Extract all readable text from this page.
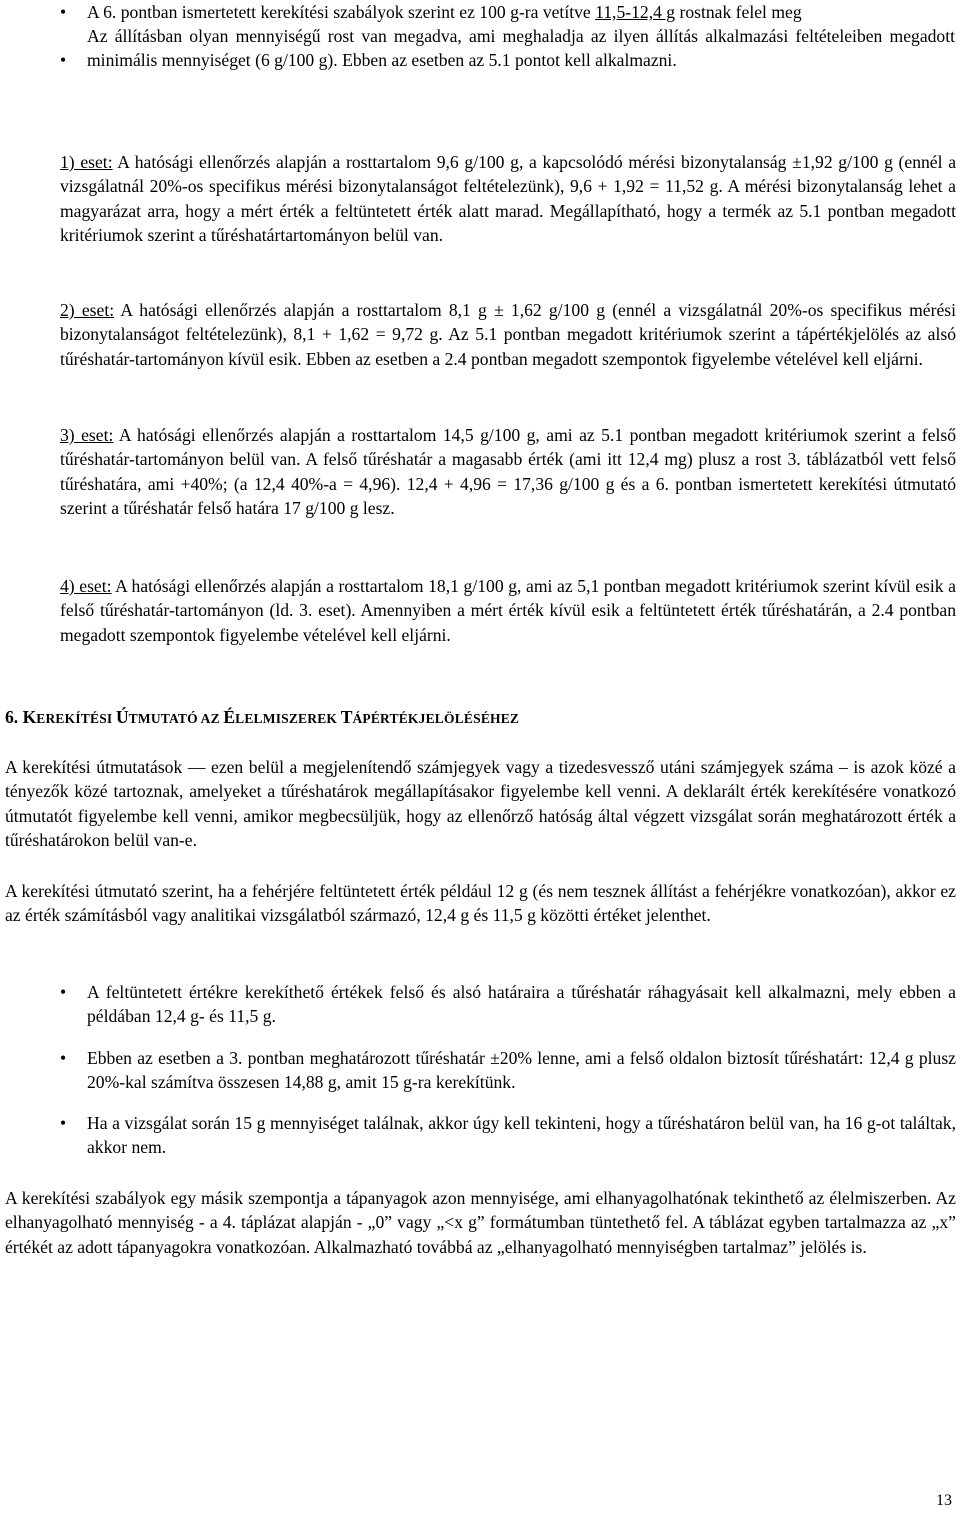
• A 6. pontban ismertetett kerekítési szabályok szerint ez 100 g-ra vetítve 11,5-12,4 g rostnak felel meg
•
Az állításban olyan mennyiségű rost van megadva, ami meghaladja az ilyen állítás alkalmazási feltételeiben megadott minimális mennyiséget (6 g/100 g). Ebben az esetben az 5.1 pontot kell alkalmazni.
1) eset: A hatósági ellenőrzés alapján a rosttartalom 9,6 g/100 g, a kapcsolódó mérési bizonytalanság ±1,92 g/100 g (ennél a vizsgálatnál 20%-os specifikus mérési bizonytalanságot feltételezünk), 9,6 + 1,92 = 11,52 g. A mérési bizonytalanság lehet a magyarázat arra, hogy a mért érték a feltüntetett érték alatt marad. Megállapítható, hogy a termék az 5.1 pontban megadott kritériumok szerint a tűréshatártartományon belül van.
2) eset: A hatósági ellenőrzés alapján a rosttartalom 8,1 g ± 1,62 g/100 g (ennél a vizsgálatnál 20%-os specifikus mérési bizonytalanságot feltételezünk), 8,1 + 1,62 = 9,72 g. Az 5.1 pontban megadott kritériumok szerint a tápértékjelölés az alsó tűréshatár-tartományon kívül esik. Ebben az esetben a 2.4 pontban megadott szempontok figyelembe vételével kell eljárni.
3) eset: A hatósági ellenőrzés alapján a rosttartalom 14,5 g/100 g, ami az 5.1 pontban megadott kritériumok szerint a felső tűréshatár-tartományon belül van. A felső tűréshatár a magasabb érték (ami itt 12,4 mg) plusz a rost 3. táblázatból vett felső tűréshatára, ami +40%; (a 12,4 40%-a = 4,96). 12,4 + 4,96 = 17,36 g/100 g és a 6. pontban ismertetett kerekítési útmutató szerint a tűréshatár felső határa 17 g/100 g lesz.
4) eset: A hatósági ellenőrzés alapján a rosttartalom 18,1 g/100 g, ami az 5,1 pontban megadott kritériumok szerint kívül esik a felső tűréshatár-tartományon (ld. 3. eset). Amennyiben a mért érték kívül esik a feltüntetett érték tűréshatárán, a 2.4 pontban megadott szempontok figyelembe vételével kell eljárni.
6. KEREKÍTÉSI ÚTMUTATÓ AZ ÉLELMISZEREK TÁPÉRTÉKJELÖLÉSÉHEZ
A kerekítési útmutatások — ezen belül a megjelenítendő számjegyek vagy a tizedesvessző utáni számjegyek száma – is azok közé a tényezők közé tartoznak, amelyeket a tűréshatárok megállapításakor figyelembe kell venni. A deklarált érték kerekítésére vonatkozó útmutatót figyelembe kell venni, amikor megbecsüljük, hogy az ellenőrző hatóság által végzett vizsgálat során meghatározott érték a tűréshatárokon belül van-e.
A kerekítési útmutató szerint, ha a fehérjére feltüntetett érték például 12 g (és nem tesznek állítást a fehérjékre vonatkozóan), akkor ez az érték számításból vagy analitikai vizsgálatból származó, 12,4 g és 11,5 g közötti értéket jelenthet.
• A feltüntetett értékre kerekíthető értékek felső és alsó határaira a tűréshatár ráhagyásait kell alkalmazni, mely ebben a példában 12,4 g- és 11,5 g.
• Ebben az esetben a 3. pontban meghatározott tűréshatár ±20% lenne, ami a felső oldalon biztosít tűréshatárt: 12,4 g plusz 20%-kal számítva összesen 14,88 g, amit 15 g-ra kerekítünk.
• Ha a vizsgálat során 15 g mennyiséget találnak, akkor úgy kell tekinteni, hogy a tűréshatáron belül van, ha 16 g-ot találtak, akkor nem.
A kerekítési szabályok egy másik szempontja a tápanyagok azon mennyisége, ami elhanyagolhatónak tekinthető az élelmiszerben. Az elhanyagolható mennyiség - a 4. táplázat alapján - „0” vagy „<x g” formátumban tüntethető fel. A táblázat egyben tartalmazza az „x” értékét az adott tápanyagokra vonatkozóan. Alkalmazható továbbá az „elhanyagolható mennyiségben tartalmaz” jelölés is.
13
